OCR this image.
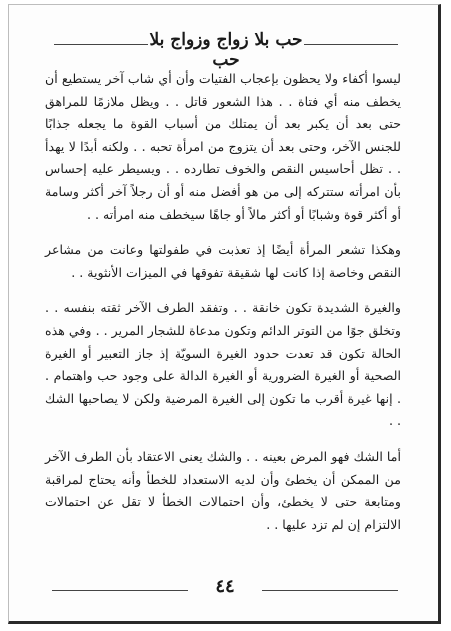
حب بلا زواج وزواج بلا حب

ليسوا أكفاء ولا يحظون بإعجاب الفتيات وأن أي شاب آخر يستطيع أن يخطف منه أي فتاة . . هذا الشعور قاتل . . ويظل ملازمًا للمراهق حتى بعد أن يكبر بعد أن يمتلك من أسباب القوة ما يجعله جذابًا للجنس الآخر، وحتى بعد أن يتزوج من امرأة تحبه . . ولكنه أبدًا لا يهدأ . . تظل أحاسيس النقص والخوف تطارده . . ويسيطر عليه إحساس بأن امرأته ستتركه إلى من هو أفضل منه أو أن رجلاً آخر أكثر وسامة أو أكثر قوة وشبابًا أو أكثر مالاً أو جاهًا سيخطف منه امرأته . .

وهكذا تشعر المرأة أيضًا إذ تعذبت في طفولتها وعانت من مشاعر النقص وخاصة إذا كانت لها شقيقة تفوقها في الميزات الأنثوية . .

والغيرة الشديدة تكون خانقة . . وتفقد الطرف الآخر ثقته بنفسه . . وتخلق جوًا من التوتر الدائم وتكون مدعاة للشجار المرير . . وفي هذه الحالة تكون قد تعدت حدود الغيرة السويّة إذ جاز التعبير أو الغيرة الصحية أو الغيرة الضرورية أو الغيرة الدالة على وجود حب واهتمام . . إنها غيرة أقرب ما تكون إلى الغيرة المرضية ولكن لا يصاحبها الشك . .

أما الشك فهو المرض بعينه . . والشك يعنى الاعتقاد بأن الطرف الآخر من الممكن أن يخطئ وأن لديه الاستعداد للخطأ وأنه يحتاج لمراقبة ومتابعة حتى لا يخطئ، وأن احتمالات الخطأ لا تقل عن احتمالات الالتزام إن لم تزد عليها . .

٤٤
